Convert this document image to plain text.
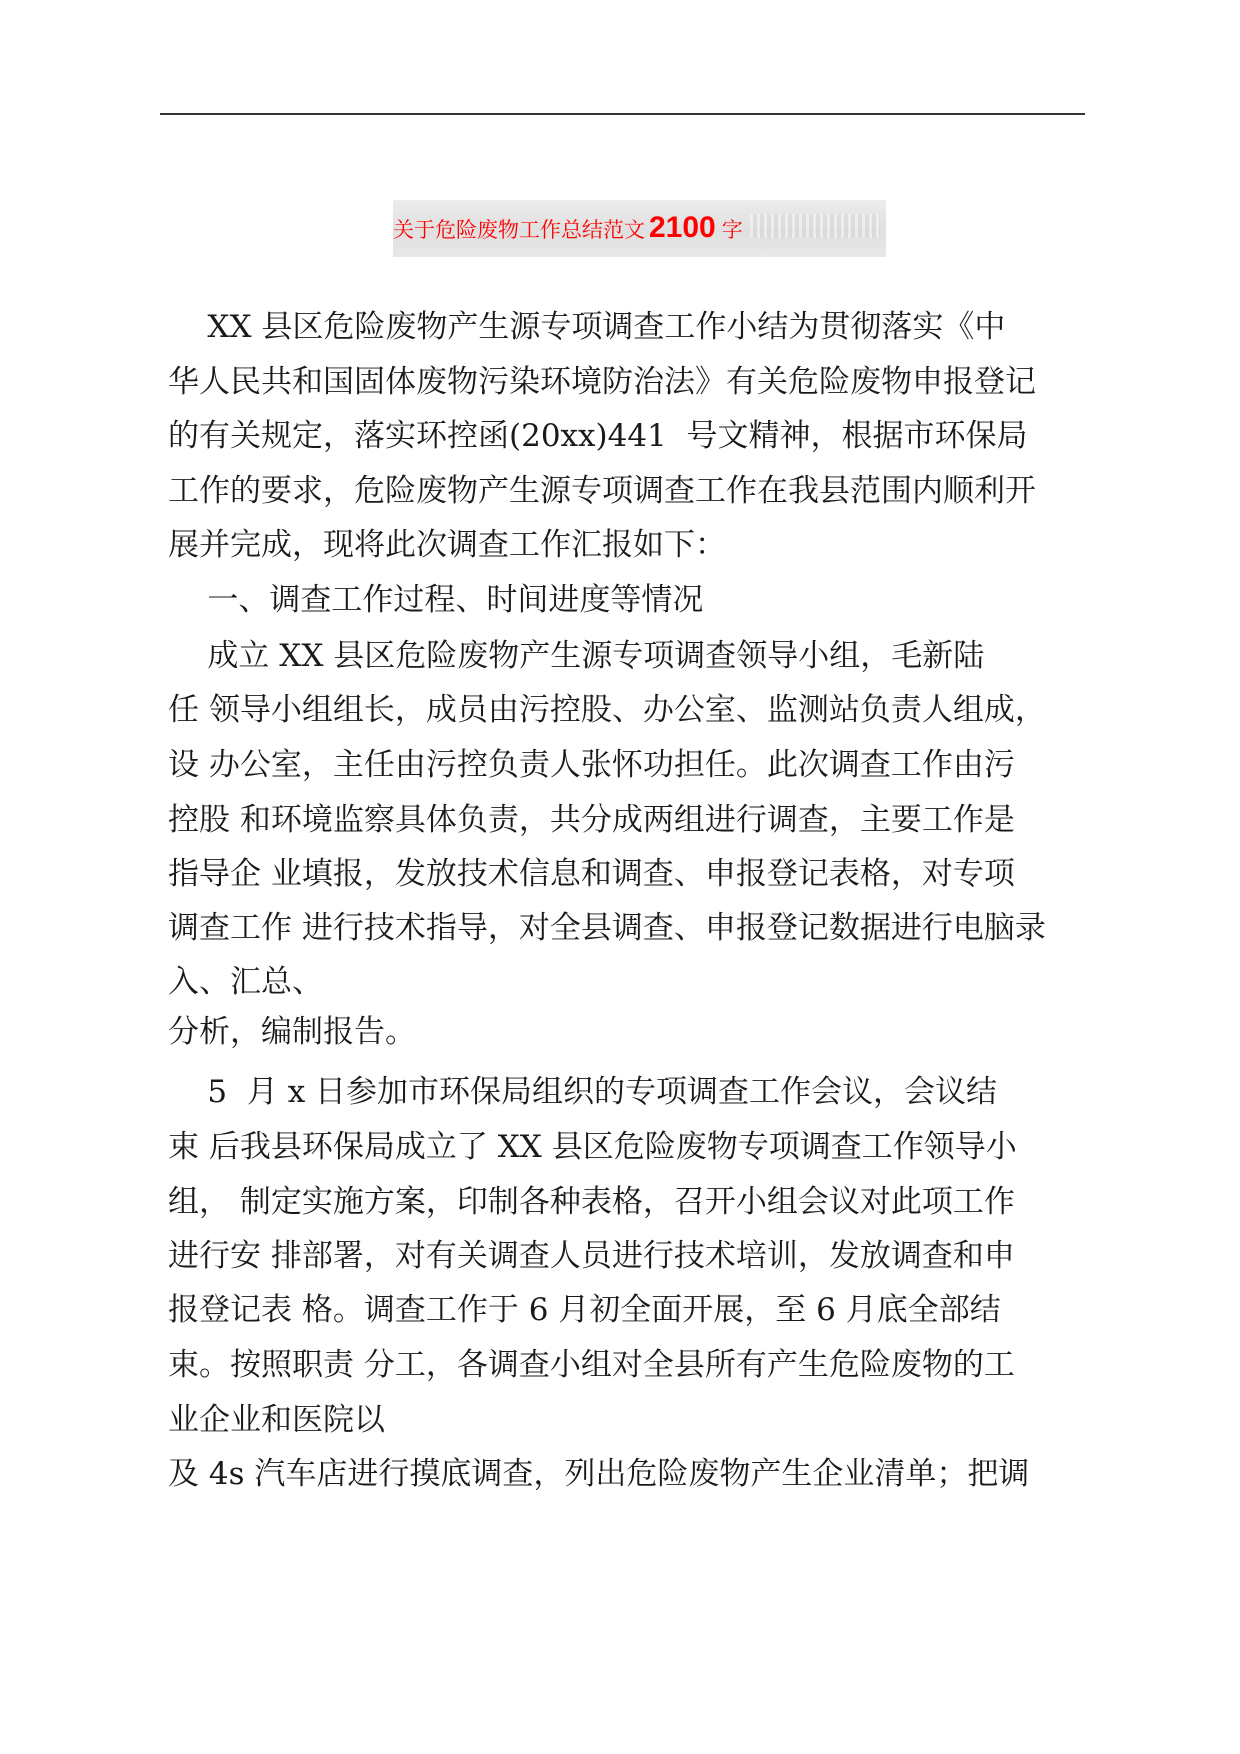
关于危险废物工作总结范文 2100 字
XX 县区危险废物产生源专项调查工作小结为贯彻落实《中
华人民共和国固体废物污染环境防治法》有关危险废物申报登记
的有关规定，落实环控函(20xx)441  号文精神，根据市环保局
工作的要求，危险废物产生源专项调查工作在我县范围内顺利开
展并完成，现将此次调查工作汇报如下：
一、调查工作过程、时间进度等情况
成立 XX 县区危险废物产生源专项调查领导小组，毛新陆
任 领导小组组长，成员由污控股、办公室、监测站负责人组成，
设 办公室，主任由污控负责人张怀功担任。此次调查工作由污
控股 和环境监察具体负责，共分成两组进行调查，主要工作是
指导企 业填报，发放技术信息和调查、申报登记表格，对专项
调查工作 进行技术指导，对全县调查、申报登记数据进行电脑录
入、汇总、
分析，编制报告。
5  月 x 日参加市环保局组织的专项调查工作会议，会议结
束 后我县环保局成立了 XX 县区危险废物专项调查工作领导小
组， 制定实施方案，印制各种表格，召开小组会议对此项工作
进行安 排部署，对有关调查人员进行技术培训，发放调查和申
报登记表 格。调查工作于 6 月初全面开展，至 6 月底全部结
束。按照职责 分工，各调查小组对全县所有产生危险废物的工
业企业和医院以
及 4s 汽车店进行摸底调查，列出危险废物产生企业清单；把调
